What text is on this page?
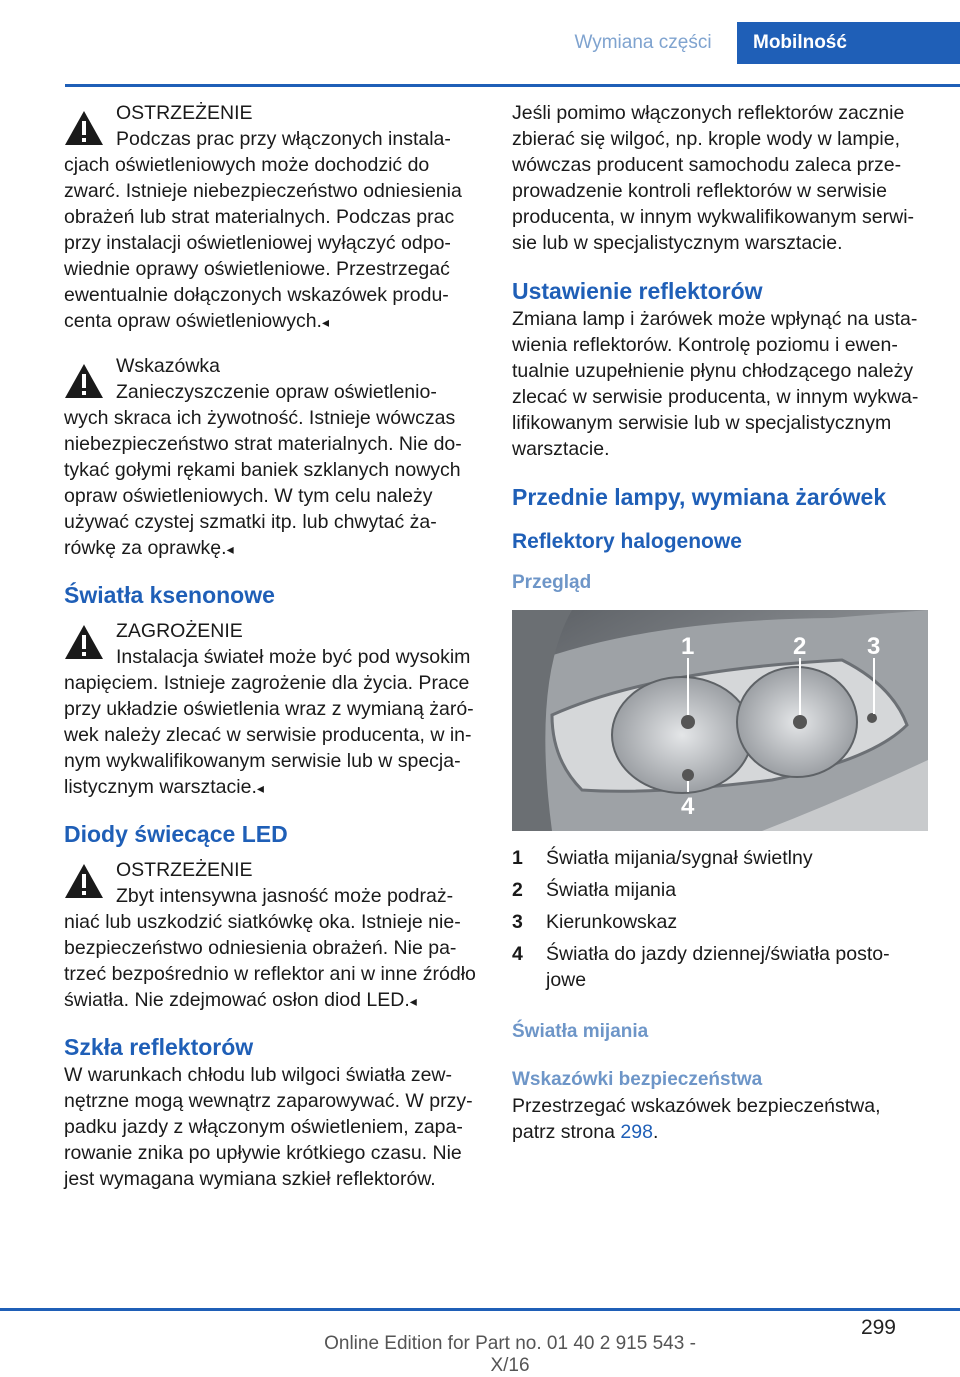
Wymiana części	Mobilność
OSTRZEŻENIE
Podczas prac przy włączonych instala-
cjach oświetleniowych może dochodzić do zwarć. Istnieje niebezpieczeństwo odniesienia obrażeń lub strat materialnych. Podczas prac przy instalacji oświetleniowej wyłączyć odpo-wiednie oprawy oświetleniowe. Przestrzegać ewentualnie dołączonych wskazówek produ-centa opraw oświetleniowych.◂
Wskazówka
Zanieczyszczenie opraw oświetlenio-
wych skraca ich żywotność. Istnieje wówczas niebezpieczeństwo strat materialnych. Nie do-tykać gołymi rękami baniek szklanych nowych opraw oświetleniowych. W tym celu należy używać czystej szmatki itp. lub chwytać ża-rówkę za oprawkę.◂
Światła ksenonowe
ZAGROŻENIE
Instalacja świateł może być pod wysokim
napięciem. Istnieje zagrożenie dla życia. Prace przy układzie oświetlenia wraz z wymianą żaró-wek należy zlecać w serwisie producenta, w in-nym wykwalifikowanym serwisie lub w specja-listycznym warsztacie.◂
Diody świecące LED
OSTRZEŻENIE
Zbyt intensywna jasność może podraż-
niać lub uszkodzić siatkówkę oka. Istnieje nie-bezpieczeństwo odniesienia obrażeń. Nie pa-trzeć bezpośrednio w reflektor ani w inne źródło światła. Nie zdejmować osłon diod LED.◂
Szkła reflektorów

W warunkach chłodu lub wilgoci światła zew-nętrzne mogą wewnątrz zaparowywać. W przy-padku jazdy z włączonym oświetleniem, zapa-rowanie znika po upływie krótkiego czasu. Nie jest wymagana wymiana szkieł reflektorów.

Jeśli pomimo włączonych reflektorów zacznie zbierać się wilgoć, np. krople wody w lampie, wówczas producent samochodu zaleca prze-prowadzenie kontroli reflektorów w serwisie producenta, w innym wykwalifikowanym serwi-sie lub w specjalistycznym warsztacie.

Ustawienie reflektorów

Zmiana lamp i żarówek może wpłynąć na usta-wienia reflektorów. Kontrolę poziomu i ewen-tualnie uzupełnienie płynu chłodzącego należy zlecać w serwisie producenta, w innym wykwa-lifikowanym serwisie lub w specjalistycznym warsztacie.

Przednie lampy, wymiana żarówek
Reflektory halogenowe
Przegląd
1	2	3
4
1	Światła mijania/sygnał świetlny
2	Światła mijania
3	Kierunkowskaz
4	Światła do jazdy dziennej/światła posto-jowe
Światła mijania
Wskazówki bezpieczeństwa

Przestrzegać wskazówek bezpieczeństwa, patrz strona 298.

299
Online Edition for Part no. 01 40 2 915 543 - X/16
